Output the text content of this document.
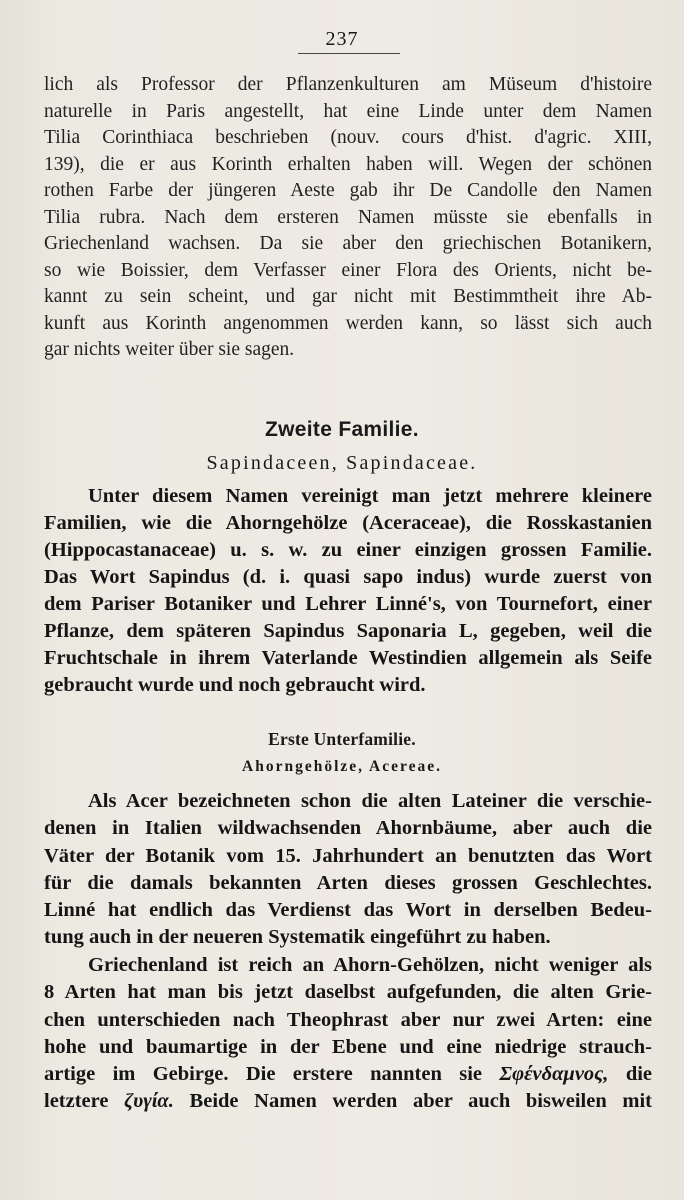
237
lich als Professor der Pflanzenkulturen am Müseum d'histoire
naturelle in Paris angestellt, hat eine Linde unter dem Namen
Tilia Corinthiaca beschrieben (nouv. cours d'hist. d'agric. XIII,
139), die er aus Korinth erhalten haben will. Wegen der schönen
rothen Farbe der jüngeren Aeste gab ihr De Candolle den Namen
Tilia rubra. Nach dem ersteren Namen müsste sie ebenfalls in
Griechenland wachsen. Da sie aber den griechischen Botanikern,
so wie Boissier, dem Verfasser einer Flora des Orients, nicht be-
kannt zu sein scheint, und gar nicht mit Bestimmtheit ihre Ab-
kunft aus Korinth angenommen werden kann, so lässt sich auch
gar nichts weiter über sie sagen.
Zweite Familie.
Sapindaceen, Sapindaceae.
Unter diesem Namen vereinigt man jetzt mehrere kleinere
Familien, wie die Ahorngehölze (Aceraceae), die Rosskastanien
(Hippocastanaceae) u. s. w. zu einer einzigen grossen Familie.
Das Wort Sapindus (d. i. quasi sapo indus) wurde zuerst von
dem Pariser Botaniker und Lehrer Linné's, von Tournefort, einer
Pflanze, dem späteren Sapindus Saponaria L, gegeben, weil die
Fruchtschale in ihrem Vaterlande Westindien allgemein als Seife
gebraucht wurde und noch gebraucht wird.
Erste Unterfamilie.
Ahorngehölze, Acereae.
Als Acer bezeichneten schon die alten Lateiner die verschie-
denen in Italien wildwachsenden Ahornbäume, aber auch die
Väter der Botanik vom 15. Jahrhundert an benutzten das Wort
für die damals bekannten Arten dieses grossen Geschlechtes.
Linné hat endlich das Verdienst das Wort in derselben Bedeu-
tung auch in der neueren Systematik eingeführt zu haben.
Griechenland ist reich an Ahorn-Gehölzen, nicht weniger als
8 Arten hat man bis jetzt daselbst aufgefunden, die alten Grie-
chen unterschieden nach Theophrast aber nur zwei Arten: eine
hohe und baumartige in der Ebene und eine niedrige strauch-
artige im Gebirge. Die erstere nannten sie Σφένδαμνος, die
letztere ζυγία. Beide Namen werden aber auch bisweilen mit
